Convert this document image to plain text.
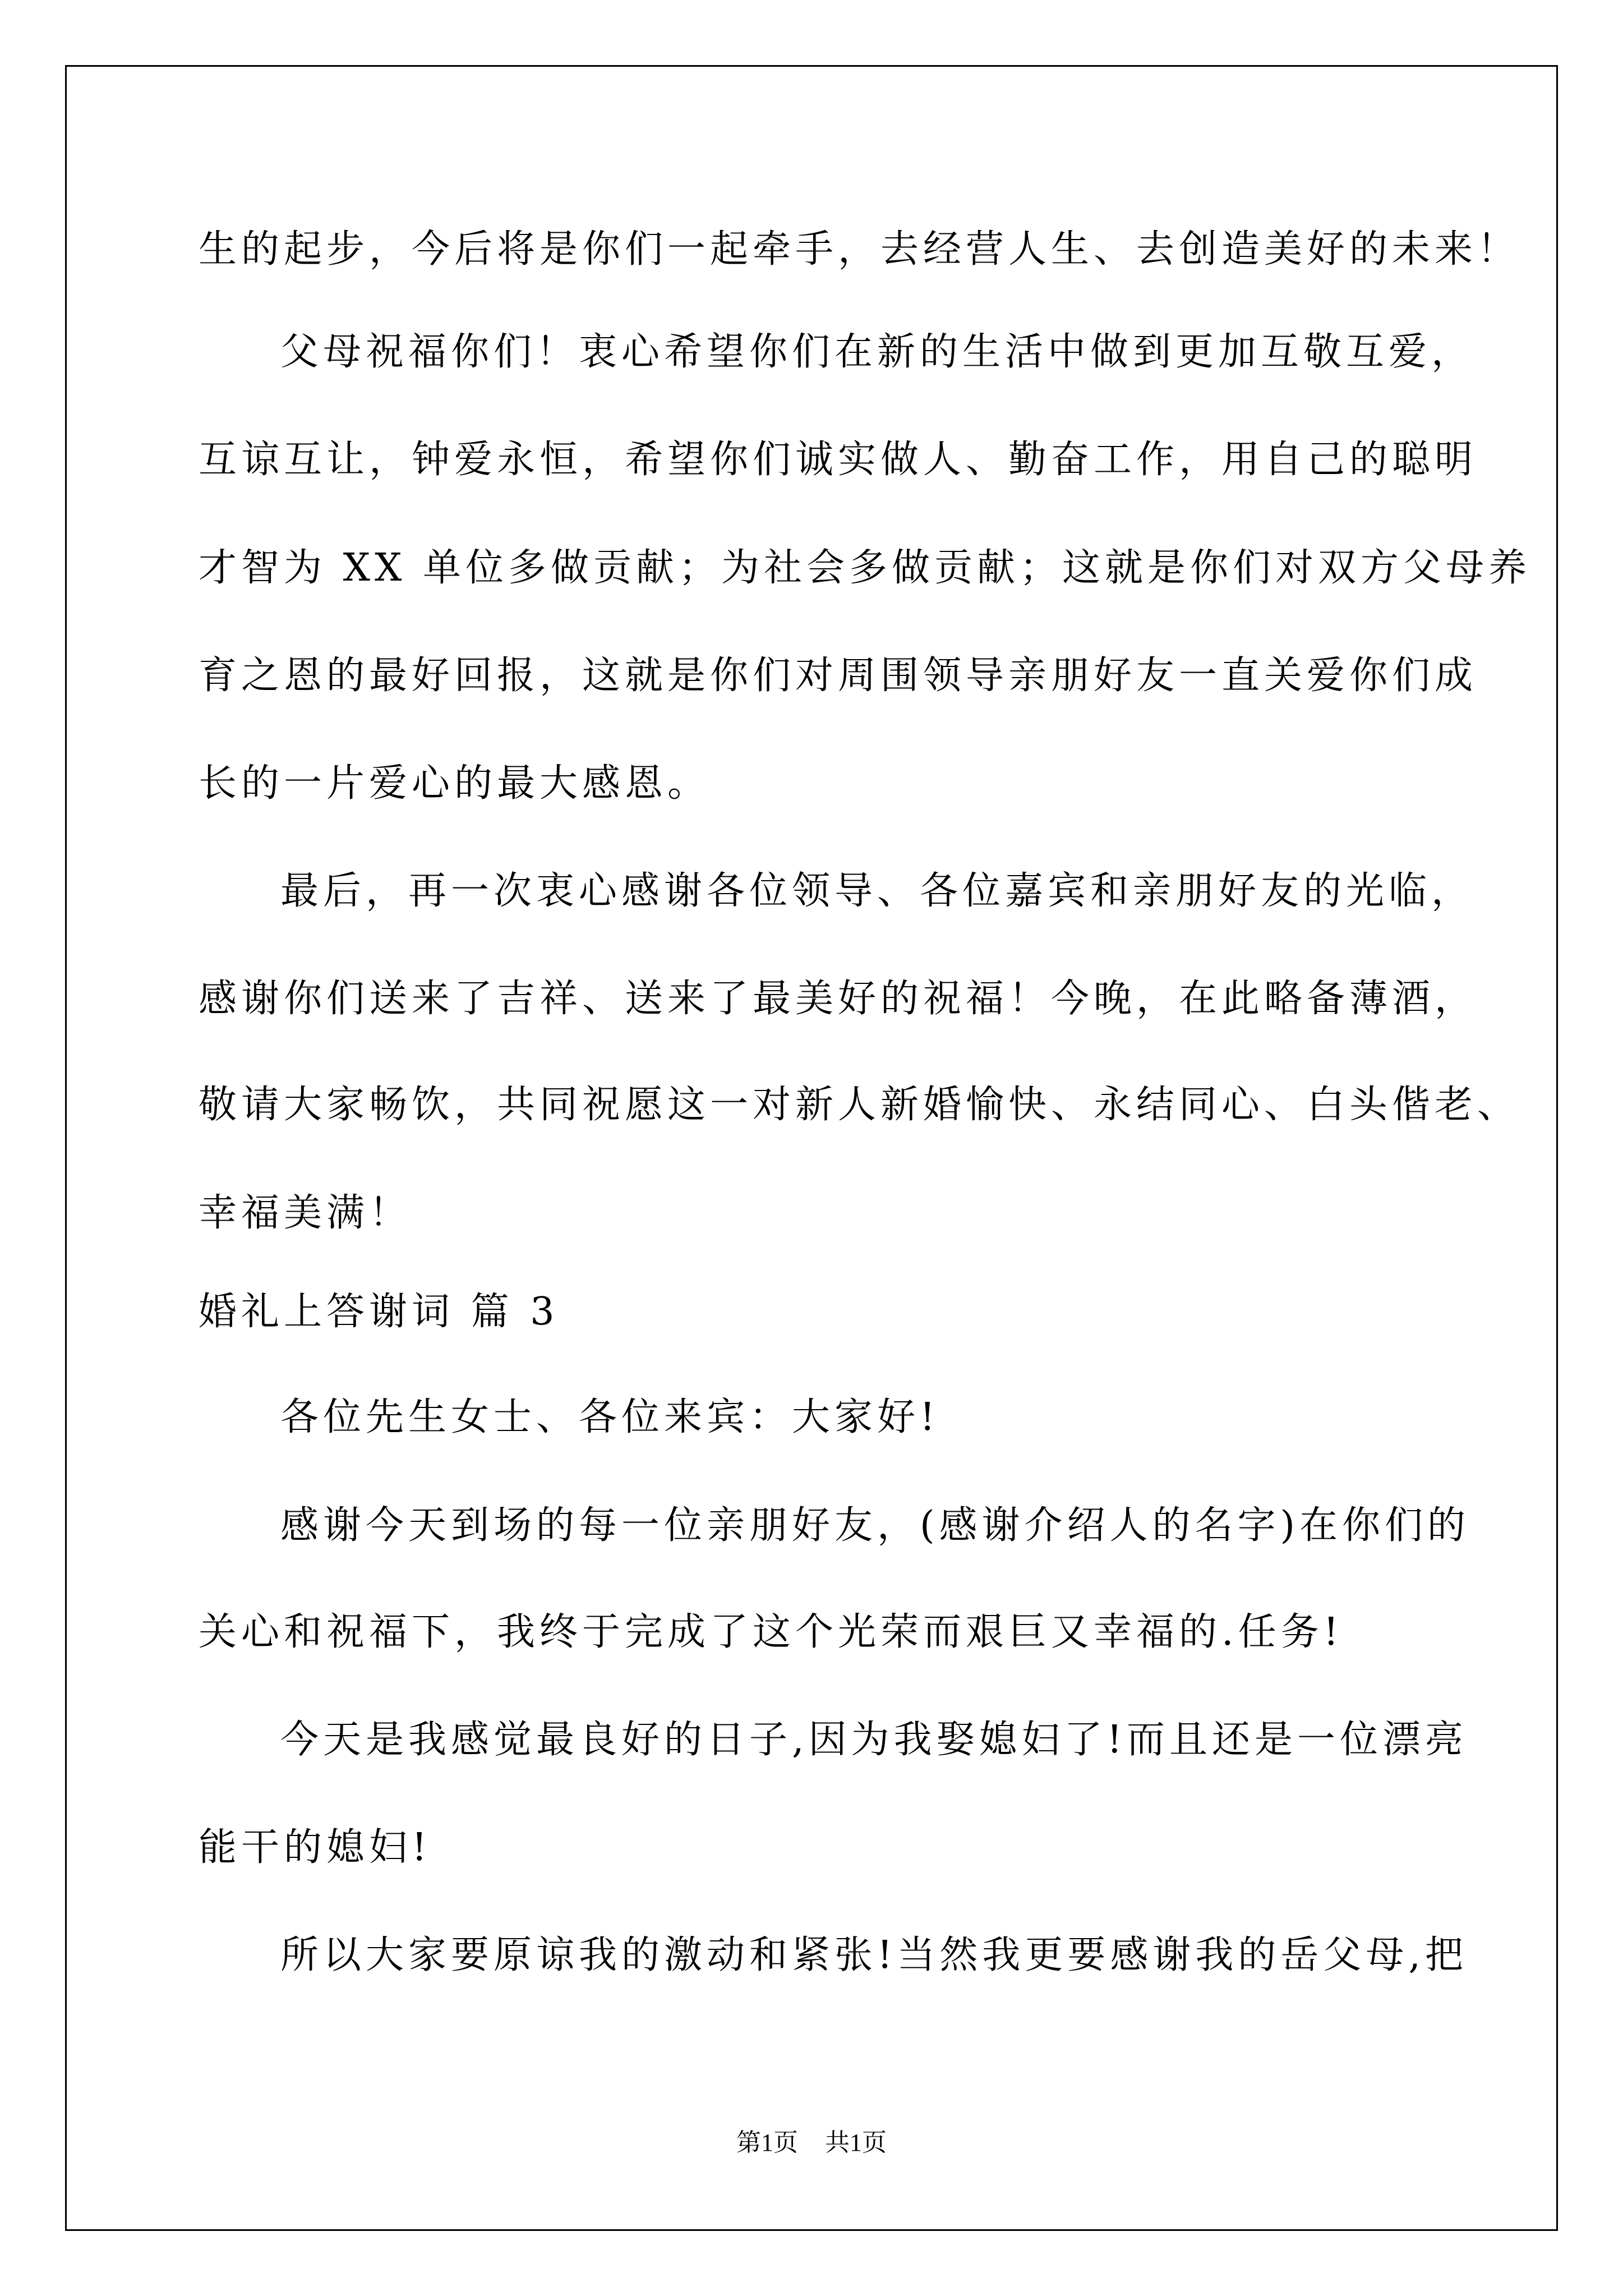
生的起步，今后将是你们一起牵手，去经营人生、去创造美好的未来！
父母祝福你们！衷心希望你们在新的生活中做到更加互敬互爱，
互谅互让，钟爱永恒，希望你们诚实做人、勤奋工作，用自己的聪明
才智为 XX 单位多做贡献；为社会多做贡献；这就是你们对双方父母养
育之恩的最好回报，这就是你们对周围领导亲朋好友一直关爱你们成
长的一片爱心的最大感恩。
最后，再一次衷心感谢各位领导、各位嘉宾和亲朋好友的光临，
感谢你们送来了吉祥、送来了最美好的祝福！今晚，在此略备薄酒，
敬请大家畅饮，共同祝愿这一对新人新婚愉快、永结同心、白头偕老、
幸福美满！
婚礼上答谢词 篇 3
各位先生女士、各位来宾：大家好!
感谢今天到场的每一位亲朋好友，(感谢介绍人的名字)在你们的
关心和祝福下，我终于完成了这个光荣而艰巨又幸福的.任务!
今天是我感觉最良好的日子,因为我娶媳妇了!而且还是一位漂亮
能干的媳妇!
所以大家要原谅我的激动和紧张!当然我更要感谢我的岳父母,把
第1页 共1页
